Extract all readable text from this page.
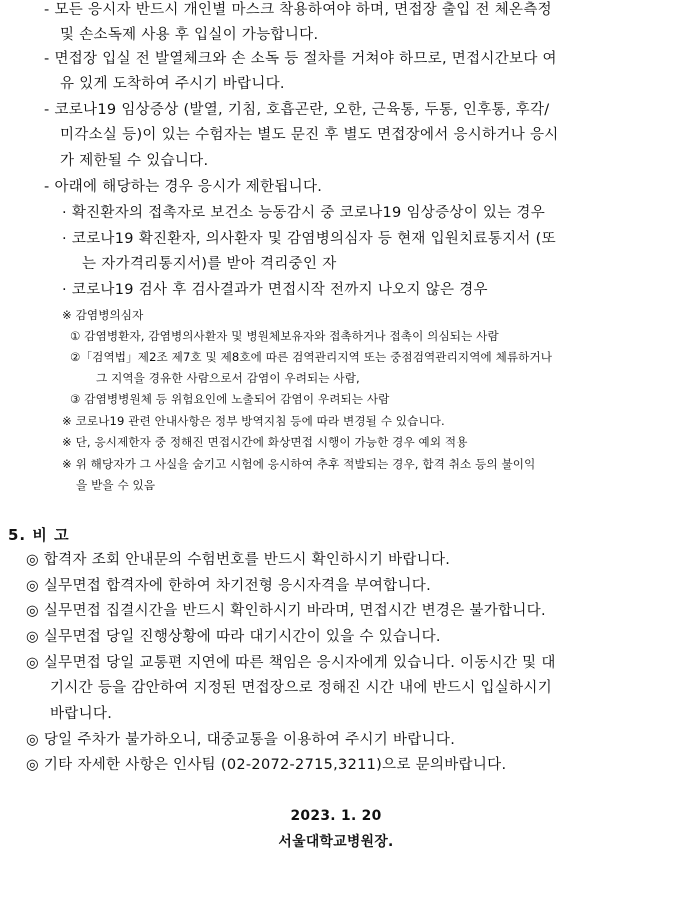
- 모든 응시자 반드시 개인별 마스크 착용하여야 하며, 면접장 출입 전 체온측정
및 손소독제 사용 후 입실이 가능합니다.
- 면접장 입실 전 발열체크와 손 소독 등 절차를 거쳐야 하므로, 면접시간보다 여
유 있게 도착하여 주시기 바랍니다.
- 코로나19 임상증상 (발열, 기침, 호흡곤란, 오한, 근육통, 두통, 인후통, 후각/
미각소실 등)이 있는 수험자는 별도 문진 후 별도 면접장에서 응시하거나 응시
가 제한될 수 있습니다.
- 아래에 해당하는 경우 응시가 제한됩니다.
· 확진환자의 접촉자로 보건소 능동감시 중 코로나19 임상증상이 있는 경우
· 코로나19 확진환자, 의사환자 및 감염병의심자 등 현재 입원치료통지서 (또
는 자가격리통지서)를 받아 격리중인 자
· 코로나19 검사 후 검사결과가 면접시작 전까지 나오지 않은 경우
※ 감염병의심자
① 감염병환자, 감염병의사환자 및 병원체보유자와 접촉하거나 접촉이 의심되는 사람
②「검역법」제2조 제7호 및 제8호에 따른 검역관리지역 또는 중점검역관리지역에 체류하거나
그 지역을 경유한 사람으로서 감염이 우려되는 사람,
③ 감염병병원체 등 위험요인에 노출되어 감염이 우려되는 사람
※ 코로나19 관련 안내사항은 정부 방역지침 등에 따라 변경될 수 있습니다.
※ 단, 응시제한자 중 정해진 면접시간에 화상면접 시행이 가능한 경우 예외 적용
※ 위 해당자가 그 사실을 숨기고 시험에 응시하여 추후 적발되는 경우, 합격 취소 등의 불이익
을 받을 수 있음
5. 비 고
◎ 합격자 조회 안내문의 수험번호를 반드시 확인하시기 바랍니다.
◎ 실무면접 합격자에 한하여 차기전형 응시자격을 부여합니다.
◎ 실무면접 집결시간을 반드시 확인하시기 바라며, 면접시간 변경은 불가합니다.
◎ 실무면접 당일 진행상황에 따라 대기시간이 있을 수 있습니다.
◎ 실무면접 당일 교통편 지연에 따른 책임은 응시자에게 있습니다. 이동시간 및 대
기시간 등을 감안하여 지정된 면접장으로 정해진 시간 내에 반드시 입실하시기
바랍니다.
◎ 당일 주차가 불가하오니, 대중교통을 이용하여 주시기 바랍니다.
◎ 기타 자세한 사항은 인사팀 (02-2072-2715,3211)으로 문의바랍니다.
2023. 1. 20
서울대학교병원장.
